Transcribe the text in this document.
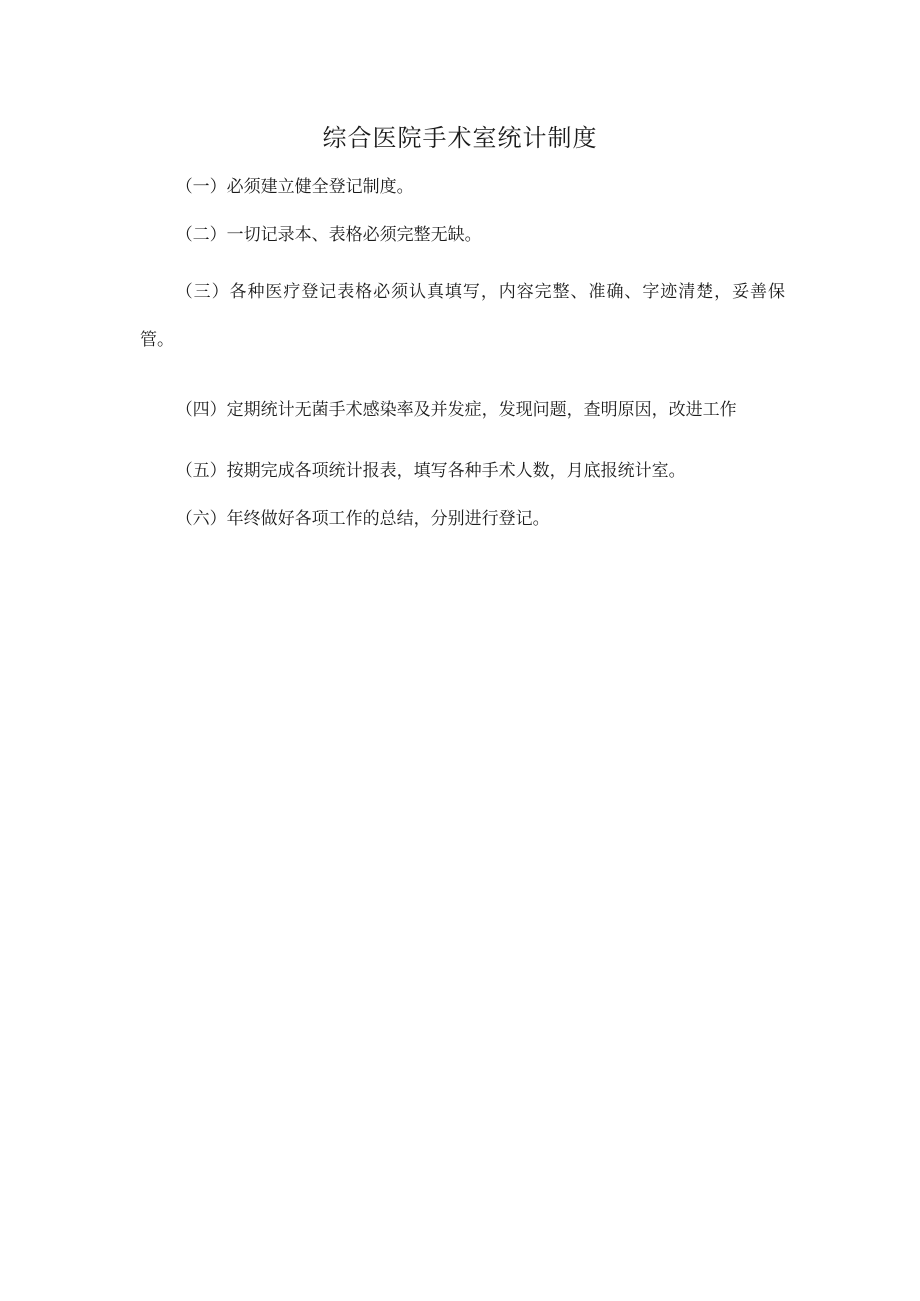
综合医院手术室统计制度

（一）必须建立健全登记制度。

（二）一切记录本、表格必须完整无缺。

（三）各种医疗登记表格必须认真填写，内容完整、准确、字迹清楚，妥善保管。

（四）定期统计无菌手术感染率及并发症，发现问题，查明原因，改进工作

（五）按期完成各项统计报表，填写各种手术人数，月底报统计室。

（六）年终做好各项工作的总结，分别进行登记。
